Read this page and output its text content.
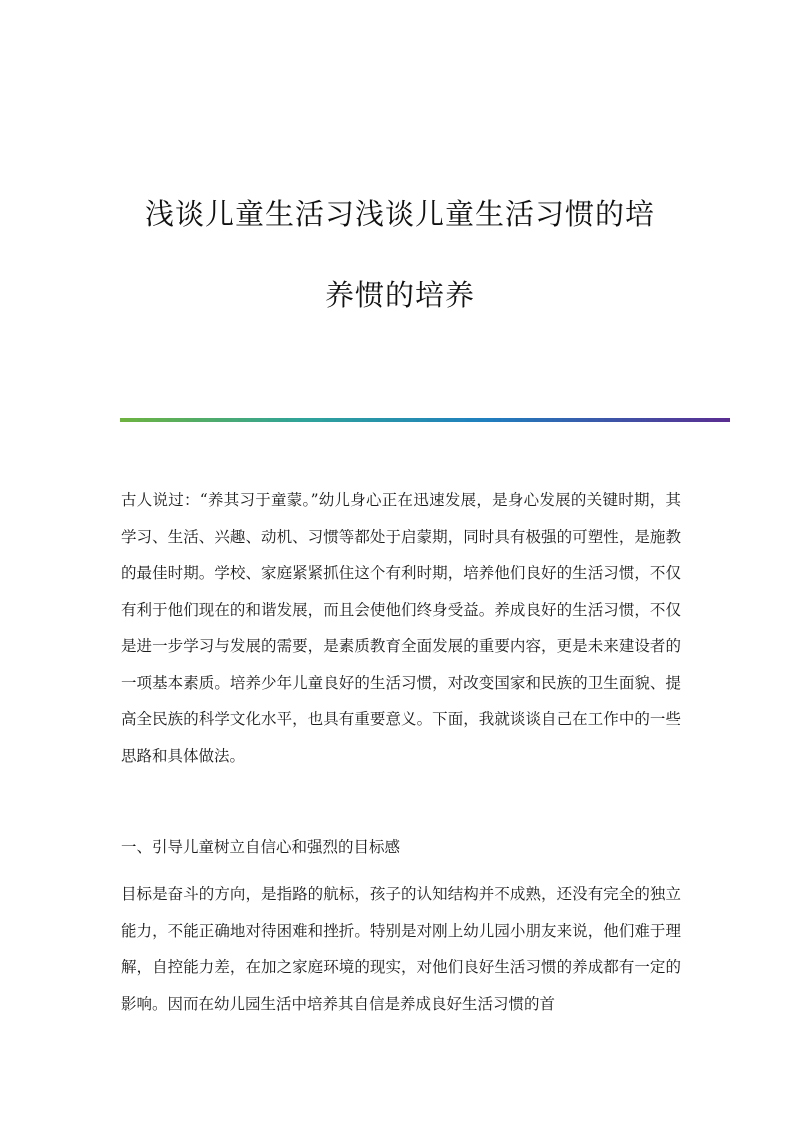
浅谈儿童生活习浅谈儿童生活习惯的培
养惯的培养

古人说过：“养其习于童蒙。”幼儿身心正在迅速发展，是身心发展的关键时期，其学习、生活、兴趣、动机、习惯等都处于启蒙期，同时具有极强的可塑性，是施教的最佳时期。学校、家庭紧紧抓住这个有利时期，培养他们良好的生活习惯，不仅有利于他们现在的和谐发展，而且会使他们终身受益。养成良好的生活习惯，不仅是进一步学习与发展的需要，是素质教育全面发展的重要内容，更是未来建设者的一项基本素质。培养少年儿童良好的生活习惯，对改变国家和民族的卫生面貌、提高全民族的科学文化水平，也具有重要意义。下面，我就谈谈自己在工作中的一些思路和具体做法。

一、引导儿童树立自信心和强烈的目标感

目标是奋斗的方向，是指路的航标，孩子的认知结构并不成熟，还没有完全的独立能力，不能正确地对待困难和挫折。特别是对刚上幼儿园小朋友来说，他们难于理解，自控能力差，在加之家庭环境的现实，对他们良好生活习惯的养成都有一定的影响。因而在幼儿园生活中培养其自信是养成良好生活习惯的首
